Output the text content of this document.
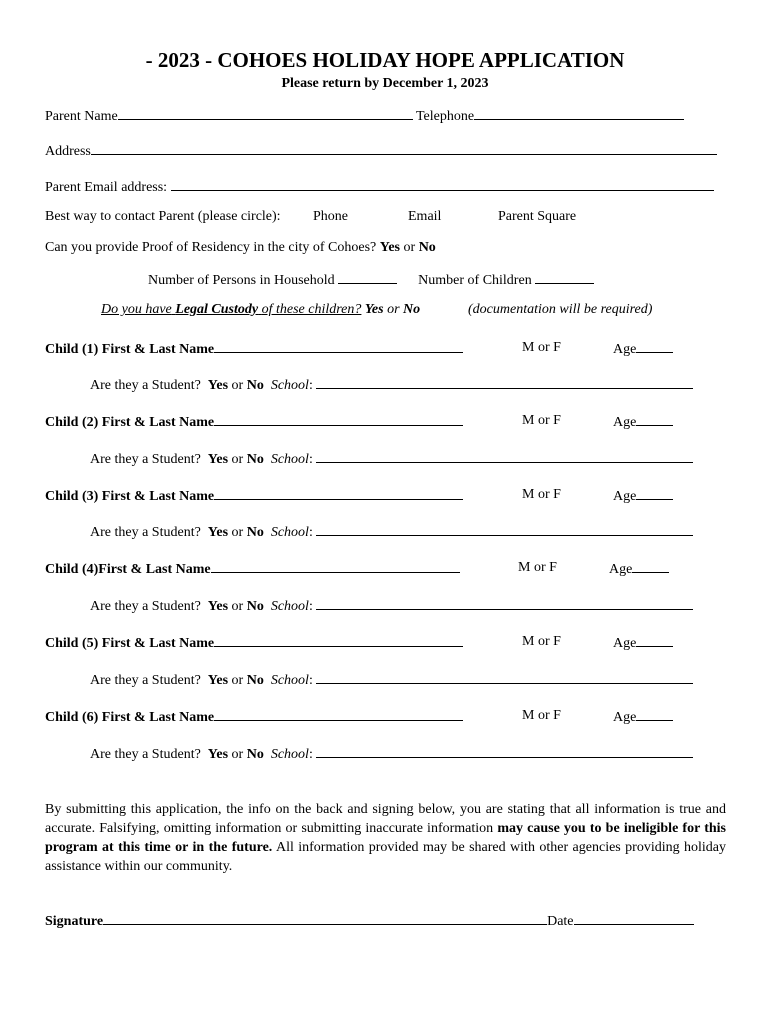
- 2023 - COHOES HOLIDAY HOPE APPLICATION
Please return by December 1, 2023
Parent Name	Telephone
Address
Parent Email address:
Best way to contact Parent (please circle): Phone	Email	Parent Square
Can you provide Proof of Residency in the city of Cohoes? Yes or No
Number of Persons in Household	Number of Children
Do you have Legal Custody of these children? Yes or No	(documentation will be required)
Child (1) First & Last Name	M or F	Age
Are they a Student? Yes or No School:
Child (2) First & Last Name	M or F	Age
Are they a Student? Yes or No School:
Child (3) First & Last Name	M or F	Age
Are they a Student? Yes or No School:
Child (4)First & Last Name	M or F	Age
Are they a Student? Yes or No School:
Child (5) First & Last Name	M or F	Age
Are they a Student? Yes or No School:
Child (6) First & Last Name	M or F	Age
Are they a Student? Yes or No School:
By submitting this application, the info on the back and signing below, you are stating that all information is true and accurate. Falsifying, omitting information or submitting inaccurate information may cause you to be ineligible for this program at this time or in the future. All information provided may be shared with other agencies providing holiday assistance within our community.
Signature	Date
